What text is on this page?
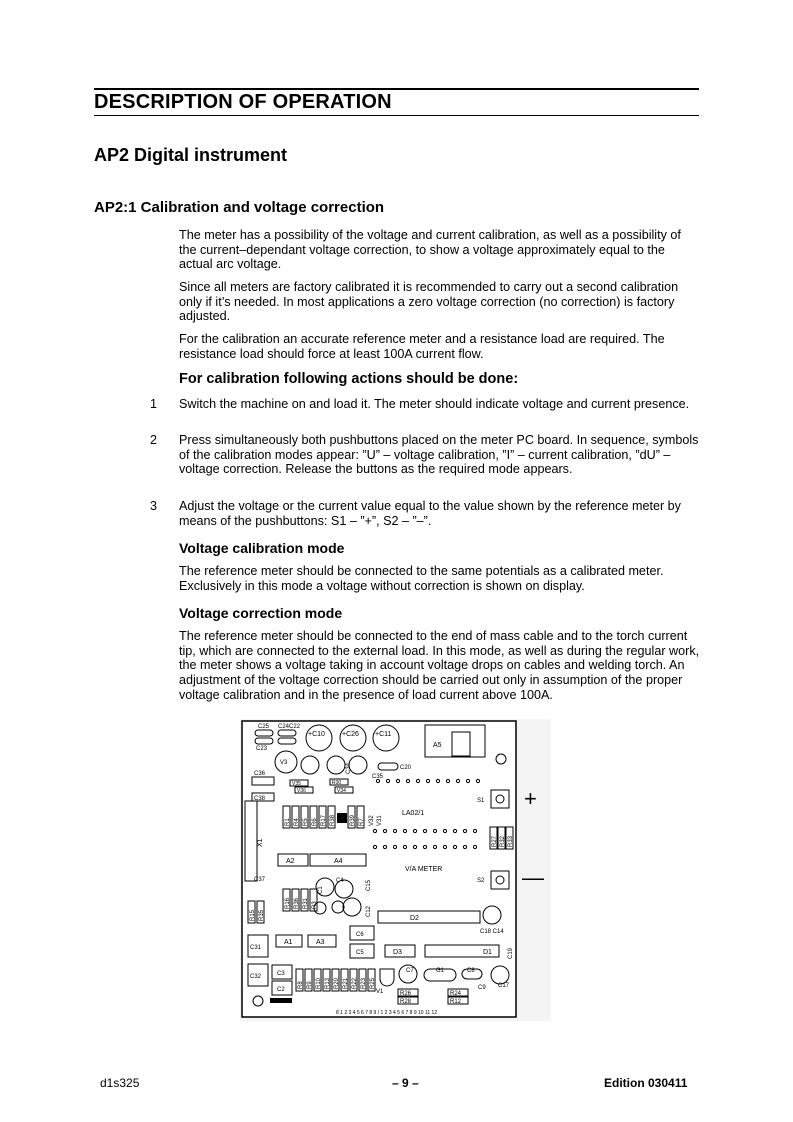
DESCRIPTION OF OPERATION
AP2 Digital instrument
AP2:1 Calibration and voltage correction

The meter has a possibility of the voltage and current calibration, as well as a possibility of the current–dependant voltage correction, to show a voltage approximately equal to the actual arc voltage.

Since all meters are factory calibrated it is recommended to carry out a second calibration only if it’s needed. In most applications a zero voltage correction (no correction) is factory adjusted.

For the calibration an accurate reference meter and a resistance load are required. The resistance load should force at least 100A current flow.

For calibration following actions should be done:
1 Switch the machine on and load it. The meter should indicate voltage and current presence.
2 Press simultaneously both pushbuttons placed on the meter PC board. In sequence, symbols of the calibration modes appear: ”U” – voltage calibration, ”I” – current calibration, ”dU” – voltage correction. Release the buttons as the required mode appears.
3 Adjust the voltage or the current value equal to the value shown by the reference meter by means of the pushbuttons: S1 – ”+”, S2 – ”–”.
Voltage calibration mode
The reference meter should be connected to the same potentials as a calibrated meter. Exclusively in this mode a voltage without correction is shown on display.
Voltage correction mode
The reference meter should be connected to the end of mass cable and to the torch current tip, which are connected to the external load. In this mode, as well as during the regular work, the meter shows a voltage taking in account voltage drops on cables and welding torch. An adjustment of the voltage correction should be carried out only in assumption of the proper voltage calibration and in the presence of load current above 100A.
C25 C24C22
C23
+C10 +C26 +C11
A5
V3	C34	C20
C36
V35	R30
C35
V36	V34
C38	S1
X1
R1 R4 R5 R6 R17 R38 R39 R7 V32 V31
LA02/1
R27 R32 R33
A2	A4
V/A METER
S2
C37
R15 R35
R16 R36 R31 R3
C1
C4	C15
C12
D2
C18 C14
C31
A1	A3
C6
C5	D3	D1	C19
C32	C3
C2
R8 R9 R10 R13 R20 R21 R22 R23 R25
V1
C7	G1	C8
C9 C17
R26
R28
R24
R12
8 1 2 3 4 5 6 7 8 9 / 1 2 3 4 5 6 7 8 9 10 11 12
+
—
d1s325	– 9 –	Edition 030411
